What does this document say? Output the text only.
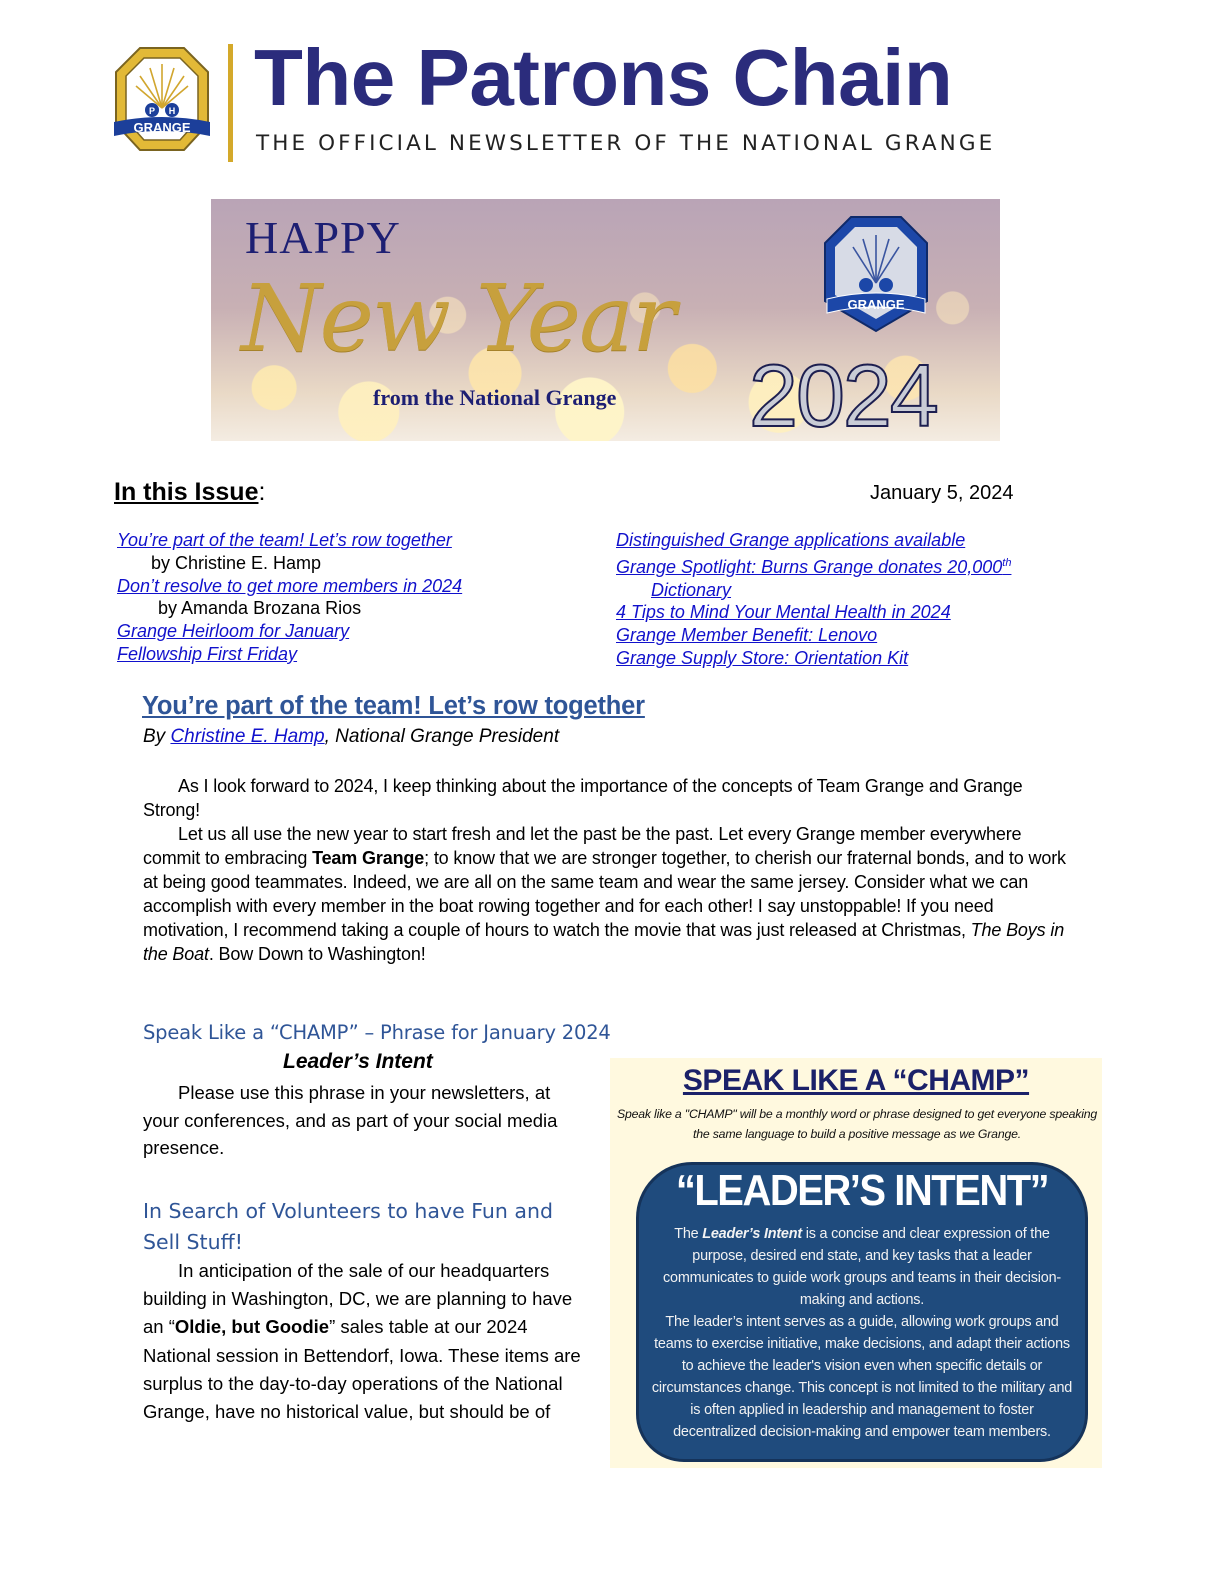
P H
GRANGE
The Patrons Chain
THE OFFICIAL NEWSLETTER OF THE NATIONAL GRANGE
HAPPY
New Year
from the National Grange 2024
GRANGE
In this Issue:	January 5, 2024
You’re part of the team! Let’s row together
by Christine E. Hamp
Don’t resolve to get more members in 2024
by Amanda Brozana Rios
Grange Heirloom for January
Fellowship First Friday
Distinguished Grange applications available
Grange Spotlight: Burns Grange donates 20,000th
Dictionary
4 Tips to Mind Your Mental Health in 2024
Grange Member Benefit: Lenovo
Grange Supply Store: Orientation Kit
You’re part of the team! Let’s row together
By Christine E. Hamp, National Grange President

As I look forward to 2024, I keep thinking about the importance of the concepts of Team Grange and Grange Strong!

Let us all use the new year to start fresh and let the past be the past. Let every Grange member everywhere commit to embracing Team Grange; to know that we are stronger together, to cherish our fraternal bonds, and to work at being good teammates. Indeed, we are all on the same team and wear the same jersey. Consider what we can accomplish with every member in the boat rowing together and for each other! I say unstoppable! If you need motivation, I recommend taking a couple of hours to watch the movie that was just released at Christmas, The Boys in the Boat. Bow Down to Washington!

Speak Like a “CHAMP” – Phrase for January 2024
Leader’s Intent

Please use this phrase in your newsletters, at your conferences, and as part of your social media presence.

In Search of Volunteers to have Fun and Sell Stuff!

In anticipation of the sale of our headquarters building in Washington, DC, we are planning to have an “Oldie, but Goodie” sales table at our 2024 National session in Bettendorf, Iowa. These items are surplus to the day-to-day operations of the National Grange, have no historical value, but should be of

SPEAK LIKE A “CHAMP”
Speak like a "CHAMP" will be a monthly word or phrase designed to get everyone speaking the same language to build a positive message as we Grange.
“LEADER’S INTENT”

The Leader’s Intent is a concise and clear expression of the purpose, desired end state, and key tasks that a leader communicates to guide work groups and teams in their decision-making and actions.

The leader’s intent serves as a guide, allowing work groups and teams to exercise initiative, make decisions, and adapt their actions to achieve the leader's vision even when specific details or circumstances change. This concept is not limited to the military and is often applied in leadership and management to foster decentralized decision-making and empower team members.
